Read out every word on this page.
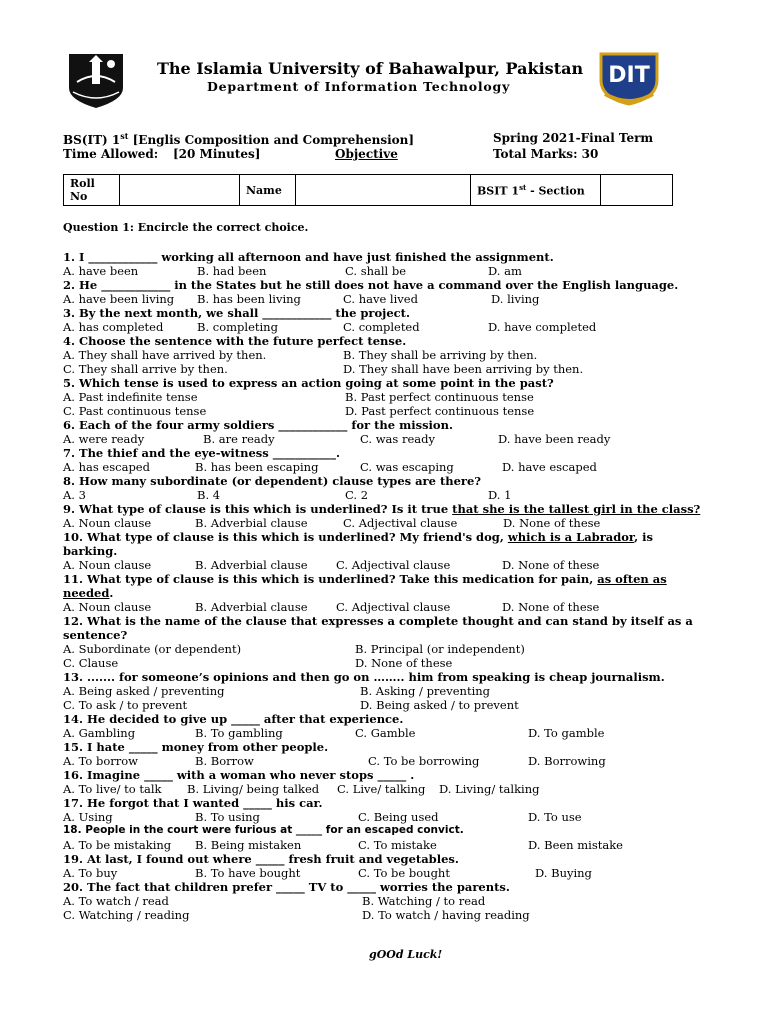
DIT
The Islamia University of Bahawalpur, Pakistan
Department of Information Technology
BS(IT) 1st [Englis Composition and Comprehension]	Spring 2021-Final Term
Time Allowed: [20 Minutes]	Objective	Total Marks: 30
Roll No		Name		BSIT 1st - Section	
Question 1: Encircle the correct choice.
1. I ____________ working all afternoon and have just finished the assignment.
A. have been	B. had been	C. shall be	D. am
2. He ____________ in the States but he still does not have a command over the English language.
A. have been living B. has been living	C. have lived	D. living
3. By the next month, we shall ____________ the project.
A. has completed	B. completing	C. completed	D. have completed
4. Choose the sentence with the future perfect tense.
A. They shall have arrived by then.	B. They shall be arriving by then.
C. They shall arrive by then.	D. They shall have been arriving by then.
5. Which tense is used to express an action going at some point in the past?
A. Past indefinite tense	B. Past perfect continuous tense
C. Past continuous tense	D. Past perfect continuous tense
6. Each of the four army soldiers ____________ for the mission.
A. were ready	B. are ready	C. was ready	D. have been ready
7. The thief and the eye-witness ___________.
A. has escaped	B. has been escaping	C. was escaping	D. have escaped
8. How many subordinate (or dependent) clause types are there?
A. 3	B. 4	C. 2	D. 1
9. What type of clause is this which is underlined? Is it true that she is the tallest girl in the class?
A. Noun clause	B. Adverbial clause	C. Adjectival clause	D. None of these
10. What type of clause is this which is underlined? My friend's dog, which is a Labrador, is
barking.
A. Noun clause	B. Adverbial clause C. Adjectival clause	D. None of these
11. What type of clause is this which is underlined? Take this medication for pain, as often as
needed.
A. Noun clause	B. Adverbial clause C. Adjectival clause	D. None of these
12. What is the name of the clause that expresses a complete thought and can stand by itself as a
sentence?
A. Subordinate (or dependent)	B. Principal (or independent)
C. Clause	D. None of these
13. ....... for someone’s opinions and then go on …….. him from speaking is cheap journalism.
A. Being asked / preventing	B. Asking / preventing
C. To ask / to prevent	D. Being asked / to prevent
14. He decided to give up _____ after that experience.
A. Gambling	B. To gambling	C. Gamble	D. To gamble
15. I hate _____ money from other people.
A. To borrow	B. Borrow	C. To be borrowing	D. Borrowing
16. Imagine _____ with a woman who never stops _____ .
A. To live/ to talk B. Living/ being talked C. Live/ talking D. Living/ talking
17. He forgot that I wanted _____ his car.
A. Using	B. To using	C. Being used	D. To use
18. People in the court were furious at _____ for an escaped convict.
A. To be mistaking B. Being mistaken	C. To mistake	D. Been mistake
19. At last, I found out where _____ fresh fruit and vegetables.
A. To buy	B. To have bought	C. To be bought	D. Buying
20. The fact that children prefer _____ TV to _____ worries the parents.
A. To watch / read	B. Watching / to read
C. Watching / reading	D. To watch / having reading
gOOd Luck!
